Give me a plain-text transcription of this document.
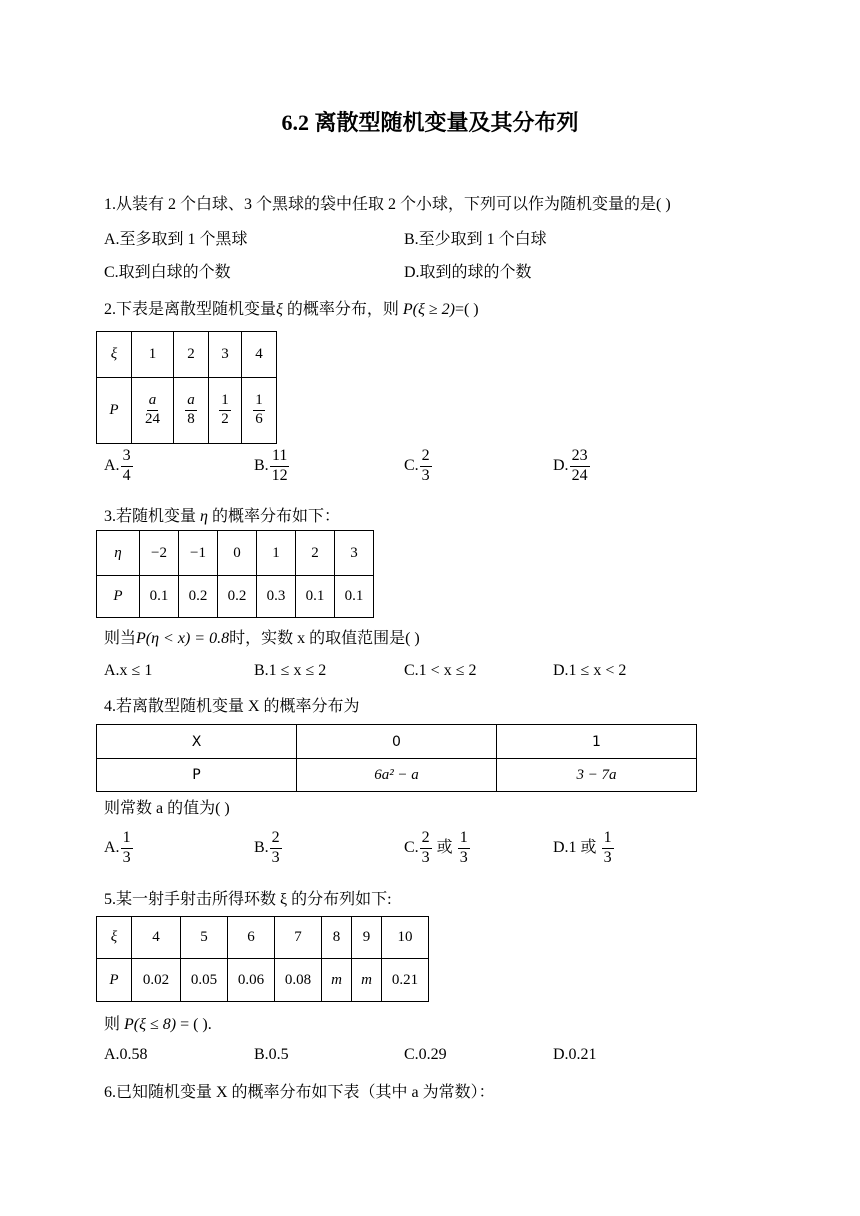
6.2 离散型随机变量及其分布列
1.从装有 2 个白球、3 个黑球的袋中任取 2 个小球，下列可以作为随机变量的是( )
A.至多取到 1 个黑球	B.至少取到 1 个白球
C.取到白球的个数	D.取到的球的个数
2.下表是离散型随机变量ξ 的概率分布，则 P(ξ ≥ 2)=( )
ξ	1	2	3	4
P	$\frac{a}{24}$	$\frac{a}{8}$	$\frac{1}{2}$	$\frac{1}{6}$
A. $\frac{3}{4}$	B. $\frac{11}{12}$	C. $\frac{2}{3}$	D. $\frac{23}{24}$
3.若随机变量 η 的概率分布如下：
η	−2	−1	0	1	2	3
P	0.1	0.2	0.2	0.3	0.1	0.1
则当P(η < x) = 0.8时，实数 x 的取值范围是( )
A.x ≤ 1	B.1 ≤ x ≤ 2	C.1 < x ≤ 2	D.1 ≤ x < 2
4.若离散型随机变量 X 的概率分布为
X	0	1
P	6a² − a	3 − 7a
则常数 a 的值为( )
A. $\frac{1}{3}$	B. $\frac{2}{3}$	C. $\frac{2}{3}$ 或 $\frac{1}{3}$	D.1 或 $\frac{1}{3}$
5.某一射手射击所得环数 ξ 的分布列如下:
ξ	4	5	6	7	8	9	10
P	0.02	0.05	0.06	0.08	m	m	0.21
则 P(ξ ≤ 8) = ( ).
A.0.58	B.0.5	C.0.29	D.0.21
6.已知随机变量 X 的概率分布如下表（其中 a 为常数）：
